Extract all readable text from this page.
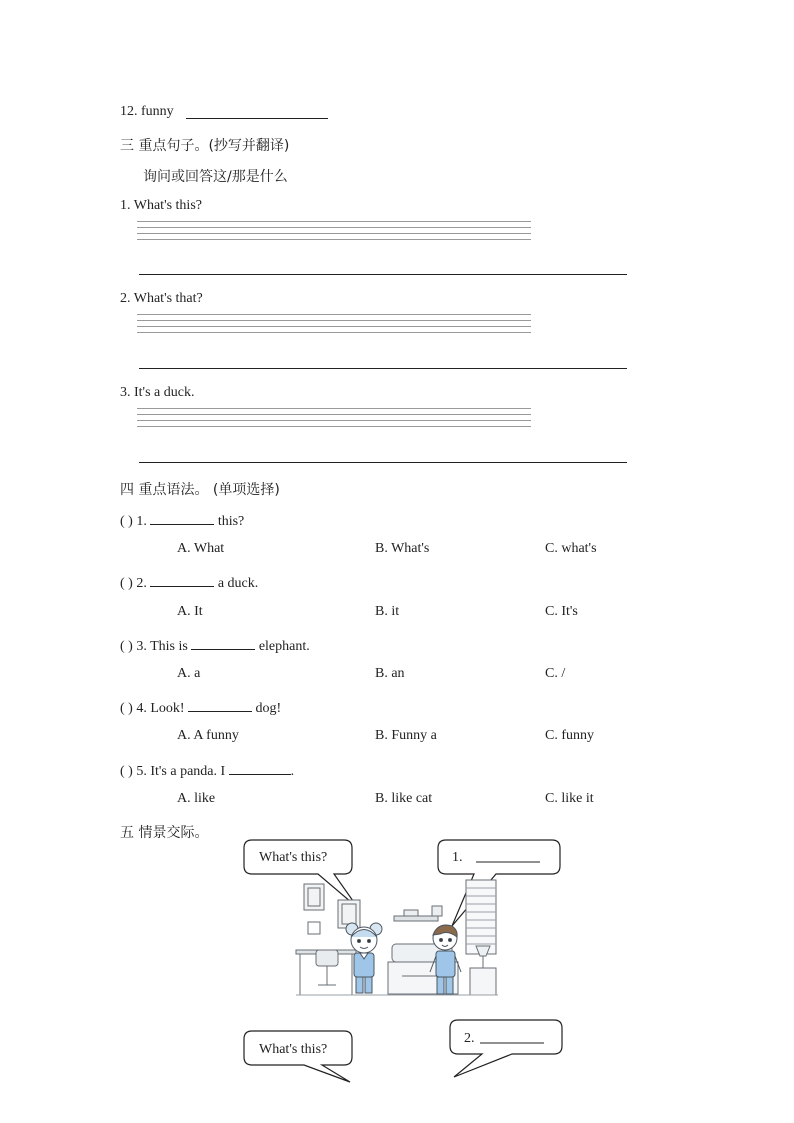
12. funny
三 重点句子。(抄写并翻译)
询问或回答这/那是什么
1. What's this?
2. What's that?
3. It's a duck.
四 重点语法。 (单项选择)
( ) 1.	this?
A. What	B. What's	C. what's
( ) 2.	a duck.
A. It	B. it	C. It's
( ) 3. This is	elephant.
A. a	B. an	C. /
( ) 4. Look!	dog!
A. A funny	B. Funny a	C. funny
( ) 5. It's a panda. I	.
A. like	B. like cat	C. like it
五 情景交际。
What's this?	1.
What's this?
2.
